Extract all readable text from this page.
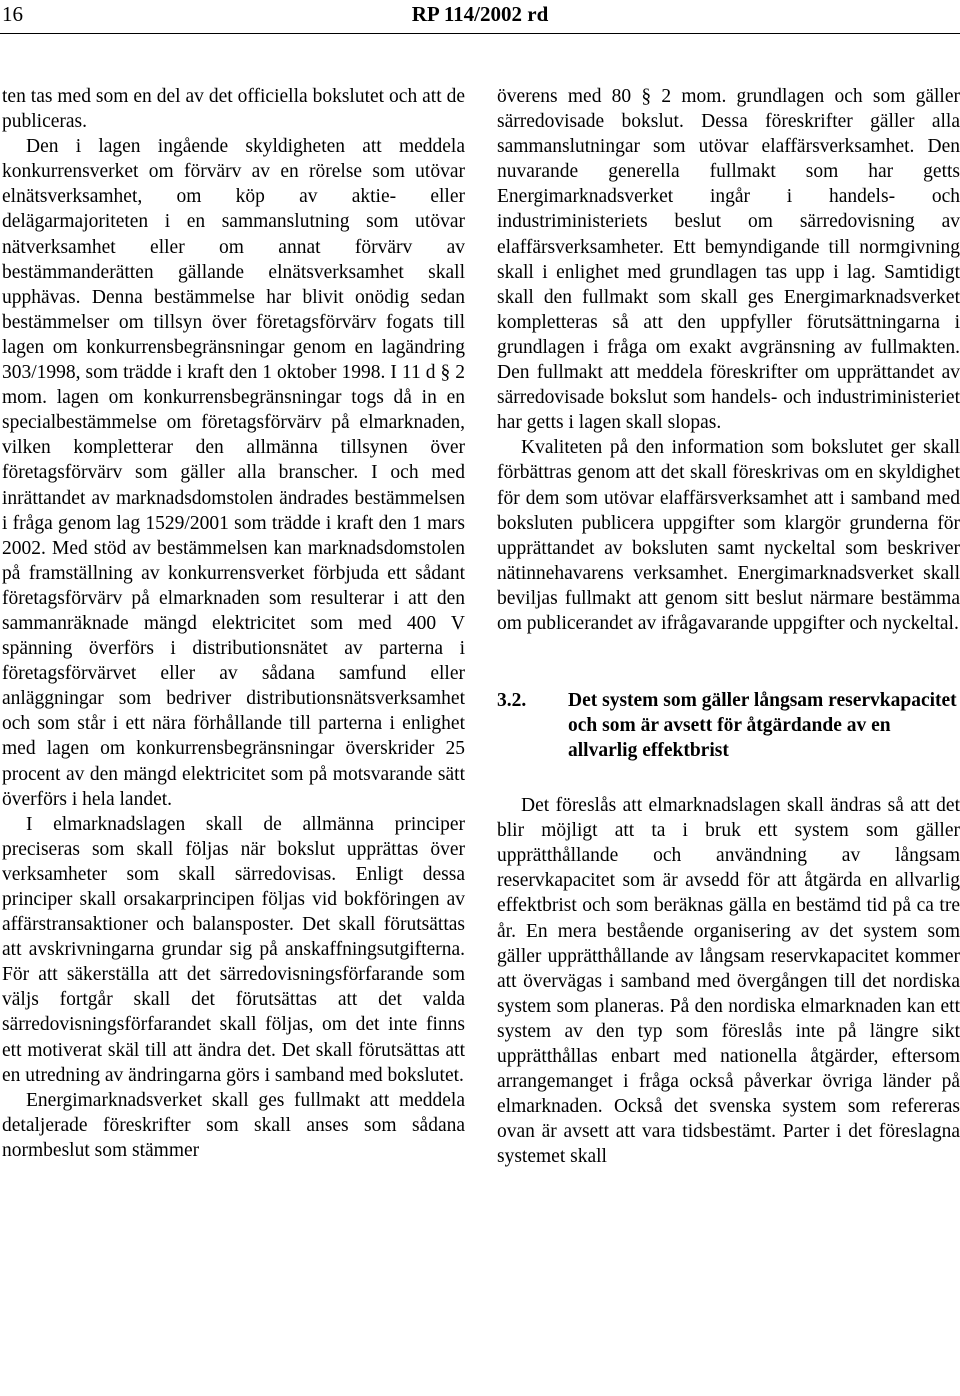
16	RP 114/2002 rd

ten tas med som en del av det officiella bokslutet och att de publiceras.

Den i lagen ingående skyldigheten att meddela konkurrensverket om förvärv av en rörelse som utövar elnätsverksamhet, om köp av aktie- eller delägarmajoriteten i en sammanslutning som utövar nätverksamhet eller om annat förvärv av bestämmanderätten gällande elnätsverksamhet skall upphävas. Denna bestämmelse har blivit onödig sedan bestämmelser om tillsyn över företagsförvärv fogats till lagen om konkurrensbegränsningar genom en lagändring 303/1998, som trädde i kraft den 1 oktober 1998. I 11 d § 2 mom. lagen om konkurrensbegränsningar togs då in en specialbestämmelse om företagsförvärv på elmarknaden, vilken kompletterar den allmänna tillsynen över företagsförvärv som gäller alla branscher. I och med inrättandet av marknadsdomstolen ändrades bestämmelsen i fråga genom lag 1529/2001 som trädde i kraft den 1 mars 2002. Med stöd av bestämmelsen kan marknadsdomstolen på framställning av konkurrensverket förbjuda ett sådant företagsförvärv på elmarknaden som resulterar i att den sammanräknade mängd elektricitet som med 400 V spänning överförs i distributionsnätet av parterna i företagsförvärvet eller av sådana samfund eller anläggningar som bedriver distributionsnätsverksamhet och som står i ett nära förhållande till parterna i enlighet med lagen om konkurrensbegränsningar överskrider 25 procent av den mängd elektricitet som på motsvarande sätt överförs i hela landet.

I elmarknadslagen skall de allmänna principer preciseras som skall följas när bokslut upprättas över verksamheter som skall särredovisas. Enligt dessa principer skall orsakarprincipen följas vid bokföringen av affärstransaktioner och balansposter. Det skall förutsättas att avskrivningarna grundar sig på anskaffningsutgifterna. För att säkerställa att det särredovisningsförfarande som väljs fortgår skall det förutsättas att det valda särredovisningsförfarandet skall följas, om det inte finns ett motiverat skäl till att ändra det. Det skall förutsättas att en utredning av ändringarna görs i samband med bokslutet.

Energimarknadsverket skall ges fullmakt att meddela detaljerade föreskrifter som skall anses som sådana normbeslut som stämmer

överens med 80 § 2 mom. grundlagen och som gäller särredovisade bokslut. Dessa föreskrifter gäller alla sammanslutningar som utövar elaffärsverksamhet. Den nuvarande generella fullmakt som har getts Energimarknadsverket ingår i handels- och industriministeriets beslut om särredovisning av elaffärsverksamheter. Ett bemyndigande till normgivning skall i enlighet med grundlagen tas upp i lag. Samtidigt skall den fullmakt som skall ges Energimarknadsverket kompletteras så att den uppfyller förutsättningarna i grundlagen i fråga om exakt avgränsning av fullmakten. Den fullmakt att meddela föreskrifter om upprättandet av särredovisade bokslut som handels- och industriministeriet har getts i lagen skall slopas.

Kvaliteten på den information som bokslutet ger skall förbättras genom att det skall föreskrivas om en skyldighet för dem som utövar elaffärsverksamhet att i samband med boksluten publicera uppgifter som klargör grunderna för upprättandet av boksluten samt nyckeltal som beskriver nätinnehavarens verksamhet. Energimarknadsverket skall beviljas fullmakt att genom sitt beslut närmare bestämma om publicerandet av ifrågavarande uppgifter och nyckeltal.

3.2.	Det system som gäller långsam reservkapacitet och som är avsett för åtgärdande av en allvarlig effektbrist

Det föreslås att elmarknadslagen skall ändras så att det blir möjligt att ta i bruk ett system som gäller upprätthållande och användning av långsam reservkapacitet som är avsedd för att åtgärda en allvarlig effektbrist och som beräknas gälla en bestämd tid på ca tre år. En mera bestående organisering av det system som gäller upprätthållande av långsam reservkapacitet kommer att övervägas i samband med övergången till det nordiska system som planeras. På den nordiska elmarknaden kan ett system av den typ som föreslås inte på längre sikt upprätthållas enbart med nationella åtgärder, eftersom arrangemanget i fråga också påverkar övriga länder på elmarknaden. Också det svenska system som refereras ovan är avsett att vara tidsbestämt. Parter i det föreslagna systemet skall
